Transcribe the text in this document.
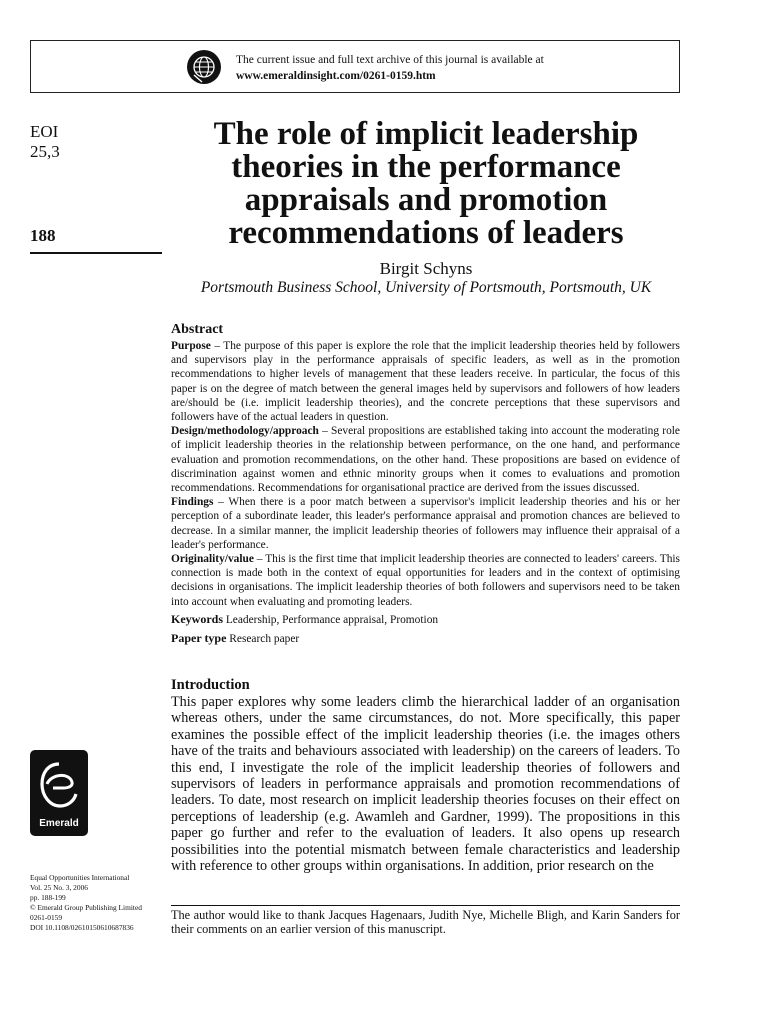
The current issue and full text archive of this journal is available at
www.emeraldinsight.com/0261-0159.htm
EOI
25,3
188
The role of implicit leadership
theories in the performance
appraisals and promotion
recommendations of leaders
Birgit Schyns
Portsmouth Business School, University of Portsmouth, Portsmouth, UK
Abstract

Purpose – The purpose of this paper is explore the role that the implicit leadership theories held by followers and supervisors play in the performance appraisals of specific leaders, as well as in the promotion recommendations to higher levels of management that these leaders receive. In particular, the focus of this paper is on the degree of match between the general images held by supervisors and followers of how leaders are/should be (i.e. implicit leadership theories), and the concrete perceptions that these supervisors and followers have of the actual leaders in question.

Design/methodology/approach – Several propositions are established taking into account the moderating role of implicit leadership theories in the relationship between performance, on the one hand, and performance evaluation and promotion recommendations, on the other hand. These propositions are based on evidence of discrimination against women and ethnic minority groups when it comes to evaluations and promotion recommendations. Recommendations for organisational practice are derived from the issues discussed.

Findings – When there is a poor match between a supervisor's implicit leadership theories and his or her perception of a subordinate leader, this leader's performance appraisal and promotion chances are believed to decrease. In a similar manner, the implicit leadership theories of followers may influence their appraisal of a leader's performance.

Originality/value – This is the first time that implicit leadership theories are connected to leaders' careers. This connection is made both in the context of equal opportunities for leaders and in the context of optimising decisions in organisations. The implicit leadership theories of both followers and supervisors need to be taken into account when evaluating and promoting leaders.

Keywords Leadership, Performance appraisal, Promotion

Paper type Research paper

Introduction

This paper explores why some leaders climb the hierarchical ladder of an organisation whereas others, under the same circumstances, do not. More specifically, this paper examines the possible effect of the implicit leadership theories (i.e. the images others have of the traits and behaviours associated with leadership) on the careers of leaders. To this end, I investigate the role of the implicit leadership theories of followers and supervisors of leaders in performance appraisals and promotion recommendations of leaders. To date, most research on implicit leadership theories focuses on their effect on perceptions of leadership (e.g. Awamleh and Gardner, 1999). The propositions in this paper go further and refer to the evaluation of leaders. It also opens up research possibilities into the potential mismatch between female characteristics and leadership with reference to other groups within organisations. In addition, prior research on the

Emerald
Equal Opportunities International
Vol. 25 No. 3, 2006
pp. 188-199
© Emerald Group Publishing Limited
0261-0159
DOI 10.1108/02610150610687836
The author would like to thank Jacques Hagenaars, Judith Nye, Michelle Bligh, and Karin Sanders for their comments on an earlier version of this manuscript.
